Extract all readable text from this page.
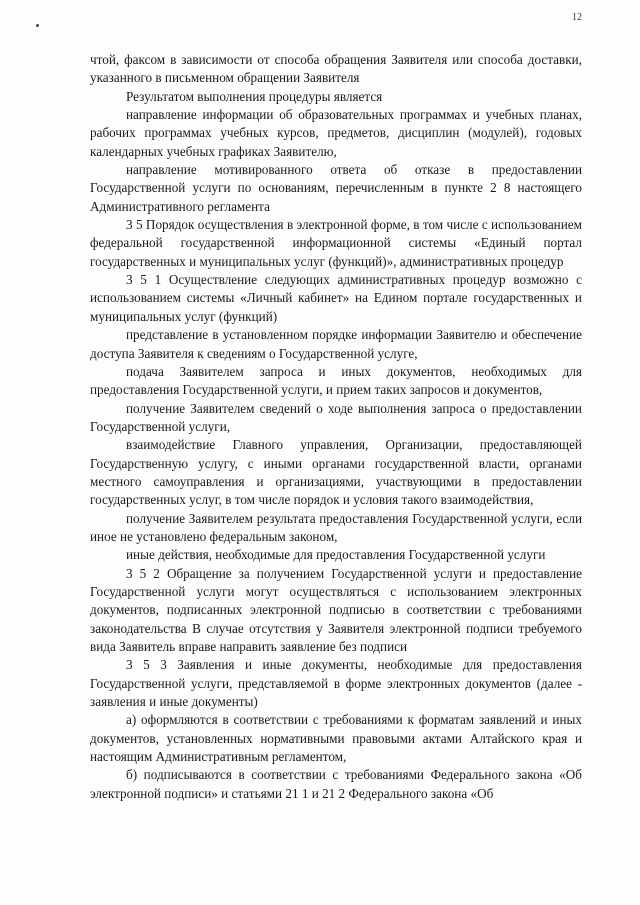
12

чтой, факсом в зависимости от способа обращения Заявителя или способа доставки, указанного в письменном обращении Заявителя

Результатом выполнения процедуры является

направление информации об образовательных программах и учебных планах, рабочих программах учебных курсов, предметов, дисциплин (модулей), годовых календарных учебных графиках Заявителю,

направление мотивированного ответа об отказе в предоставлении Государственной услуги по основаниям, перечисленным в пункте 2 8 настоящего Административного регламента

3 5 Порядок осуществления в электронной форме, в том числе с использованием федеральной государственной информационной системы «Единый портал государственных и муниципальных услуг (функций)», административных процедур

3 5 1 Осуществление следующих административных процедур возможно с использованием системы «Личный кабинет» на Едином портале государственных и муниципальных услуг (функций)

представление в установленном порядке информации Заявителю и обеспечение доступа Заявителя к сведениям о Государственной услуге,

подача Заявителем запроса и иных документов, необходимых для предоставления Государственной услуги, и прием таких запросов и документов,

получение Заявителем сведений о ходе выполнения запроса о предоставлении Государственной услуги,

взаимодействие Главного управления, Организации, предоставляющей Государственную услугу, с иными органами государственной власти, органами местного самоуправления и организациями, участвующими в предоставлении государственных услуг, в том числе порядок и условия такого взаимодействия,

получение Заявителем результата предоставления Государственной услуги, если иное не установлено федеральным законом,

иные действия, необходимые для предоставления Государственной услуги

3 5 2 Обращение за получением Государственной услуги и предоставление Государственной услуги могут осуществляться с использованием электронных документов, подписанных электронной подписью в соответствии с требованиями законодательства В случае отсутствия у Заявителя электронной подписи требуемого вида Заявитель вправе направить заявление без подписи

3 5 3 Заявления и иные документы, необходимые для предоставления Государственной услуги, представляемой в форме электронных документов (далее - заявления и иные документы)

а) оформляются в соответствии с требованиями к форматам заявлений и иных документов, установленных нормативными правовыми актами Алтайского края и настоящим Административным регламентом,

б) подписываются в соответствии с требованиями Федерального закона «Об электронной подписи» и статьями 21 1 и 21 2 Федерального закона «Об
